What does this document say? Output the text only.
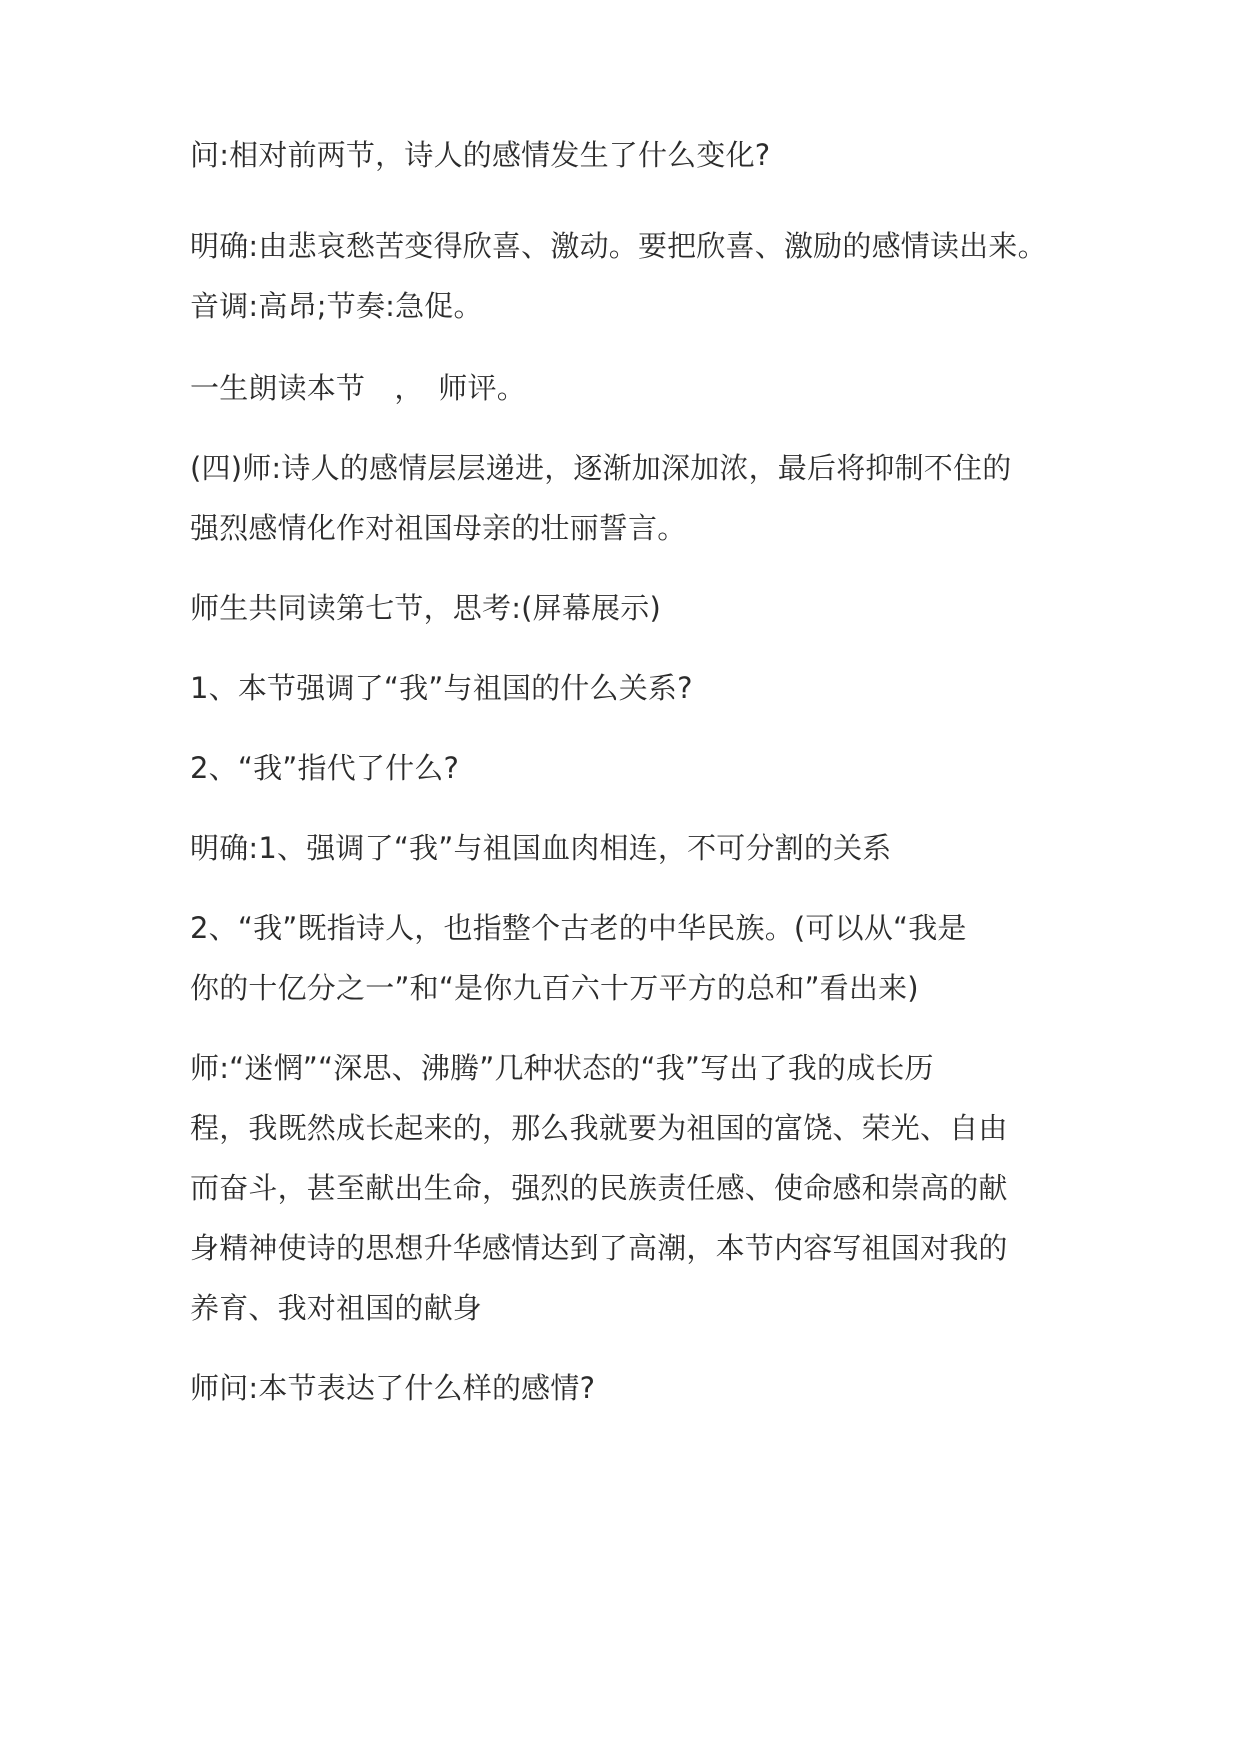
问:相对前两节，诗人的感情发生了什么变化?

明确:由悲哀愁苦变得欣喜、激动。要把欣喜、激励的感情读出来。

音调:高昂;节奏:急促。

一生朗读本节　，　师评。

(四)师:诗人的感情层层递进，逐渐加深加浓，最后将抑制不住的

强烈感情化作对祖国母亲的壮丽誓言。

师生共同读第七节，思考:(屏幕展示)

1、本节强调了“我”与祖国的什么关系?

2、“我”指代了什么?

明确:1、强调了“我”与祖国血肉相连，不可分割的关系

2、“我”既指诗人，也指整个古老的中华民族。(可以从“我是

你的十亿分之一”和“是你九百六十万平方的总和”看出来)

师:“迷惘”“深思、沸腾”几种状态的“我”写出了我的成长历

程，我既然成长起来的，那么我就要为祖国的富饶、荣光、自由

而奋斗，甚至献出生命，强烈的民族责任感、使命感和崇高的献

身精神使诗的思想升华感情达到了高潮，本节内容写祖国对我的

养育、我对祖国的献身

师问:本节表达了什么样的感情?
